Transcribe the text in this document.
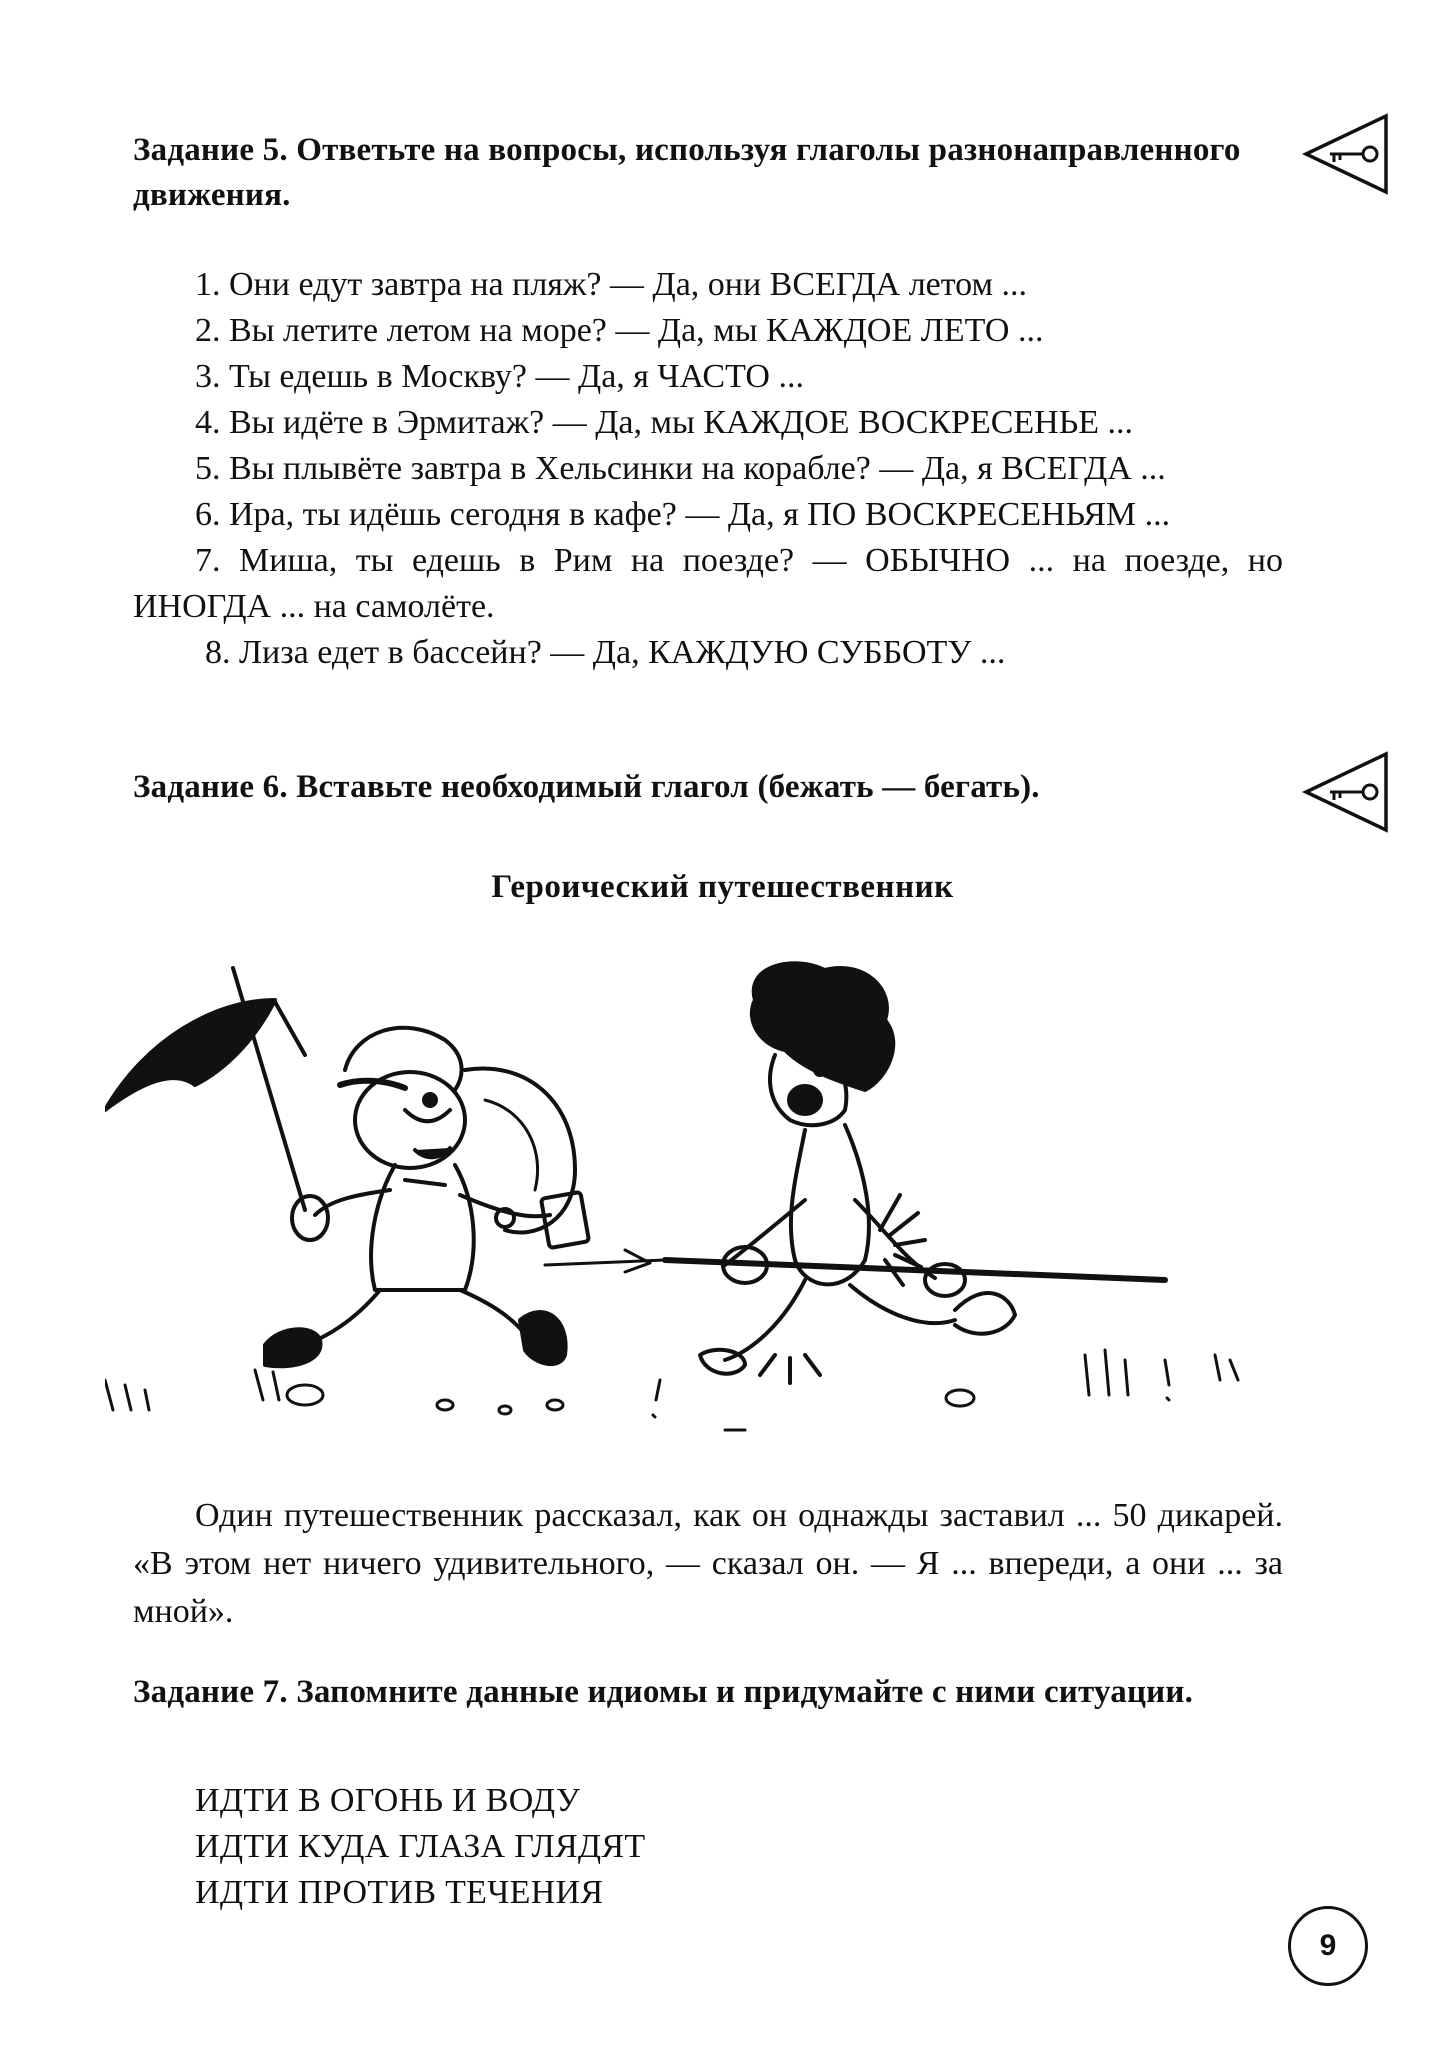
Задание 5. Ответьте на вопросы, используя глаголы разнонаправленного движения.

1. Они едут завтра на пляж? — Да, они ВСЕГДА летом ...

2. Вы летите летом на море? — Да, мы КАЖДОЕ ЛЕТО ...

3. Ты едешь в Москву? — Да, я ЧАСТО ...

4. Вы идёте в Эрмитаж? — Да, мы КАЖДОЕ ВОСКРЕСЕНЬЕ ...

5. Вы плывёте завтра в Хельсинки на корабле? — Да, я ВСЕГДА ...

6. Ира, ты идёшь сегодня в кафе? — Да, я ПО ВОСКРЕСЕНЬЯМ ...

7. Миша, ты едешь в Рим на поезде? — ОБЫЧНО ... на поезде, но ИНОГДА ... на самолёте.

8. Лиза едет в бассейн? — Да, КАЖДУЮ СУББОТУ ...

Задание 6. Вставьте необходимый глагол (бежать — бегать).
Героический путешественник

Один путешественник рассказал, как он однажды заставил ... 50 дикарей. «В этом нет ничего удивительного, — сказал он. — Я ... впереди, а они ... за мной».

Задание 7. Запомните данные идиомы и придумайте с ними ситуации.

ИДТИ В ОГОНЬ И ВОДУ

ИДТИ КУДА ГЛАЗА ГЛЯДЯТ

ИДТИ ПРОТИВ ТЕЧЕНИЯ

9
